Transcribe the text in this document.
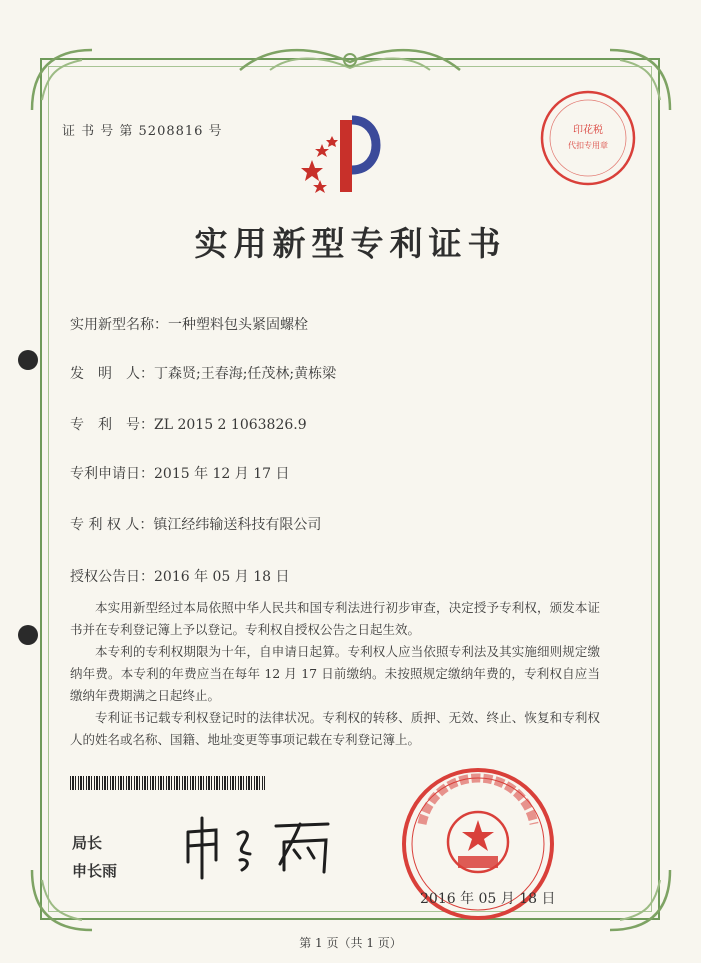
印花税
代扣专用章
证 书 号 第 5208816 号
实用新型专利证书
实用新型名称：一种塑料包头紧固螺栓
发　明　人：丁森贤;王春海;任茂林;黄栋梁
专　利　号：ZL 2015 2 1063826.9
专利申请日：2015 年 12 月 17 日
专 利 权 人：镇江经纬输送科技有限公司
授权公告日：2016 年 05 月 18 日
本实用新型经过本局依照中华人民共和国专利法进行初步审查，决定授予专利权，颁发本证书并在专利登记簿上予以登记。专利权自授权公告之日起生效。
本专利的专利权期限为十年，自申请日起算。专利权人应当依照专利法及其实施细则规定缴纳年费。本专利的年费应当在每年 12 月 17 日前缴纳。未按照规定缴纳年费的，专利权自应当缴纳年费期满之日起终止。
专利证书记载专利权登记时的法律状况。专利权的转移、质押、无效、终止、恢复和专利权人的姓名或名称、国籍、地址变更等事项记载在专利登记簿上。
局长
申长雨
2016 年 05 月 18 日
第 1 页（共 1 页）
